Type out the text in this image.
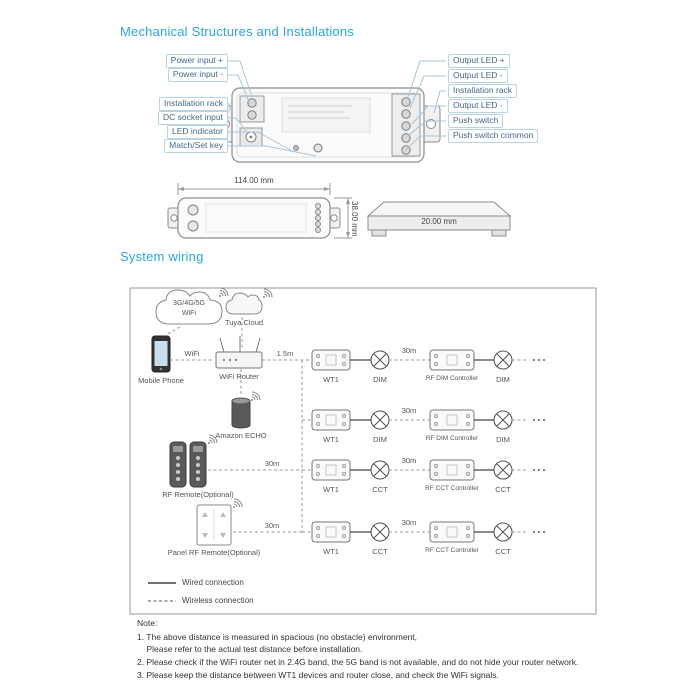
Mechanical Structures and Installations
System wiring
Power input +
Power input -
Installation rack
DC socket input
LED indicator
Match/Set key
Output LED +
Output LED -
Installation rack
Output LED -
Push switch
Push switch common
114.00 mm
38.00 mm	20.00 mm
3G/4G/5G
WiFi
Tuya Cloud
Mobile Phone
WiFi
WiFi Router
1.5m
Amazon ECHO
RF Remote(Optional)
30m
Panel RF Remote(Optional)
30m
WT1	DIM
30m
RF DIM Controller DIM
WT1	DIM
30m
RF DIM Controller DIM
WT1	CCT
30m
RF CCT Controller CCT
WT1	CCT
30m
RF CCT Controller CCT
Wired connection
Wireless connection
Note:
1. The above distance is measured in spacious (no obstacle) environment,
Please refer to the actual test distance before installation.
2. Please check if the WiFi router net in 2.4G band, the 5G band is not available, and do not hide your router network.
3. Please keep the distance between WT1 devices and router close, and check the WiFi signals.
